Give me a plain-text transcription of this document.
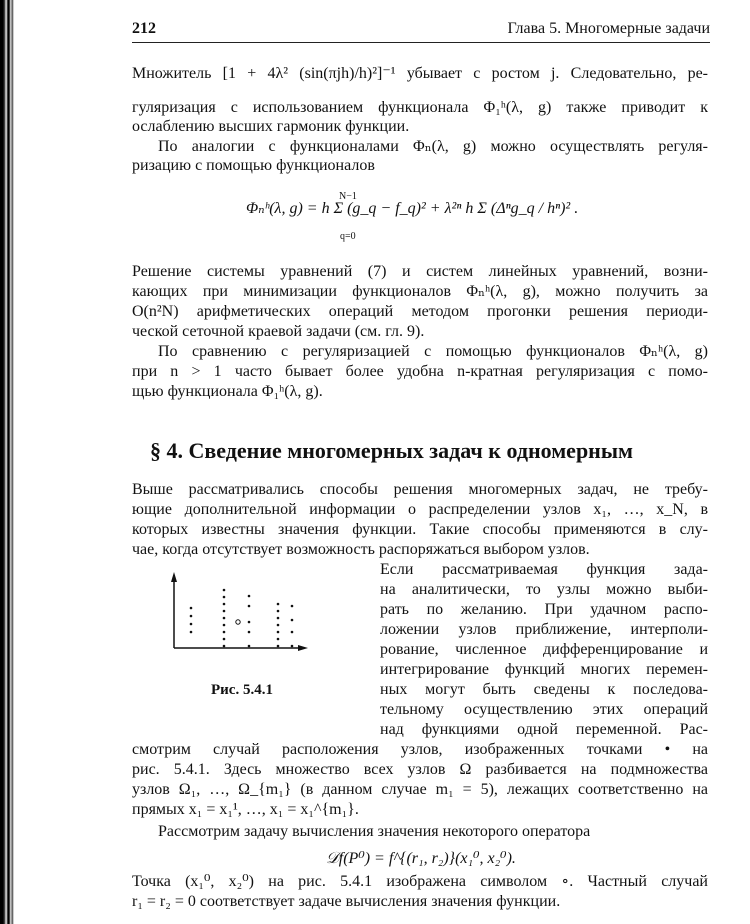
212	Глава 5. Многомерные задачи
Множитель [1 + 4λ² (sin(πjh)/h)²]⁻¹ убывает с ростом j. Следовательно, ре-
гуляризация с использованием функционала Φ₁ʰ(λ, g) также приводит к
ослаблению высших гармоник функции.
По аналогии с функционалами Φₙ(λ, g) можно осуществлять регуля-
ризацию с помощью функционалов
Φₙʰ(λ, g) = h Σ (g_q − f_q)² + λ²ⁿ h Σ (Δⁿg_q / hⁿ)² .
N−1
q=0
Решение системы уравнений (7) и систем линейных уравнений, возни-
кающих при минимизации функционалов Φₙʰ(λ, g), можно получить за
O(n²N) арифметических операций методом прогонки решения периоди-
ческой сеточной краевой задачи (см. гл. 9).
По сравнению с регуляризацией с помощью функционалов Φₙʰ(λ, g)
при n > 1 часто бывает более удобна n-кратная регуляризация с помо-
щью функционала Φ₁ʰ(λ, g).
§ 4. Сведение многомерных задач к одномерным
Выше рассматривались способы решения многомерных задач, не требу-
ющие дополнительной информации о распределении узлов x₁, …, x_N, в
которых известны значения функции. Такие способы применяются в слу-
чае, когда отсутствует возможность распоряжаться выбором узлов.
Если рассматриваемая функция зада-
на аналитически, то узлы можно выби-
рать по желанию. При удачном распо-
ложении узлов приближение, интерполи-
рование, численное дифференцирование и
интегрирование функций многих перемен-
ных могут быть сведены к последова-
тельному осуществлению этих операций
над функциями одной переменной. Рас-
Рис. 5.4.1
смотрим случай расположения узлов, изображенных точками • на
рис. 5.4.1. Здесь множество всех узлов Ω разбивается на подмножества
узлов Ω₁, …, Ω_{m₁} (в данном случае m₁ = 5), лежащих соответственно на
прямых x₁ = x₁¹, …, x₁ = x₁^{m₁}.
Рассмотрим задачу вычисления значения некоторого оператора
𝒟f(P⁰) = f^{(r₁, r₂)}(x₁⁰, x₂⁰).
Точка (x₁⁰, x₂⁰) на рис. 5.4.1 изображена символом ∘. Частный случай
r₁ = r₂ = 0 соответствует задаче вычисления значения функции.
